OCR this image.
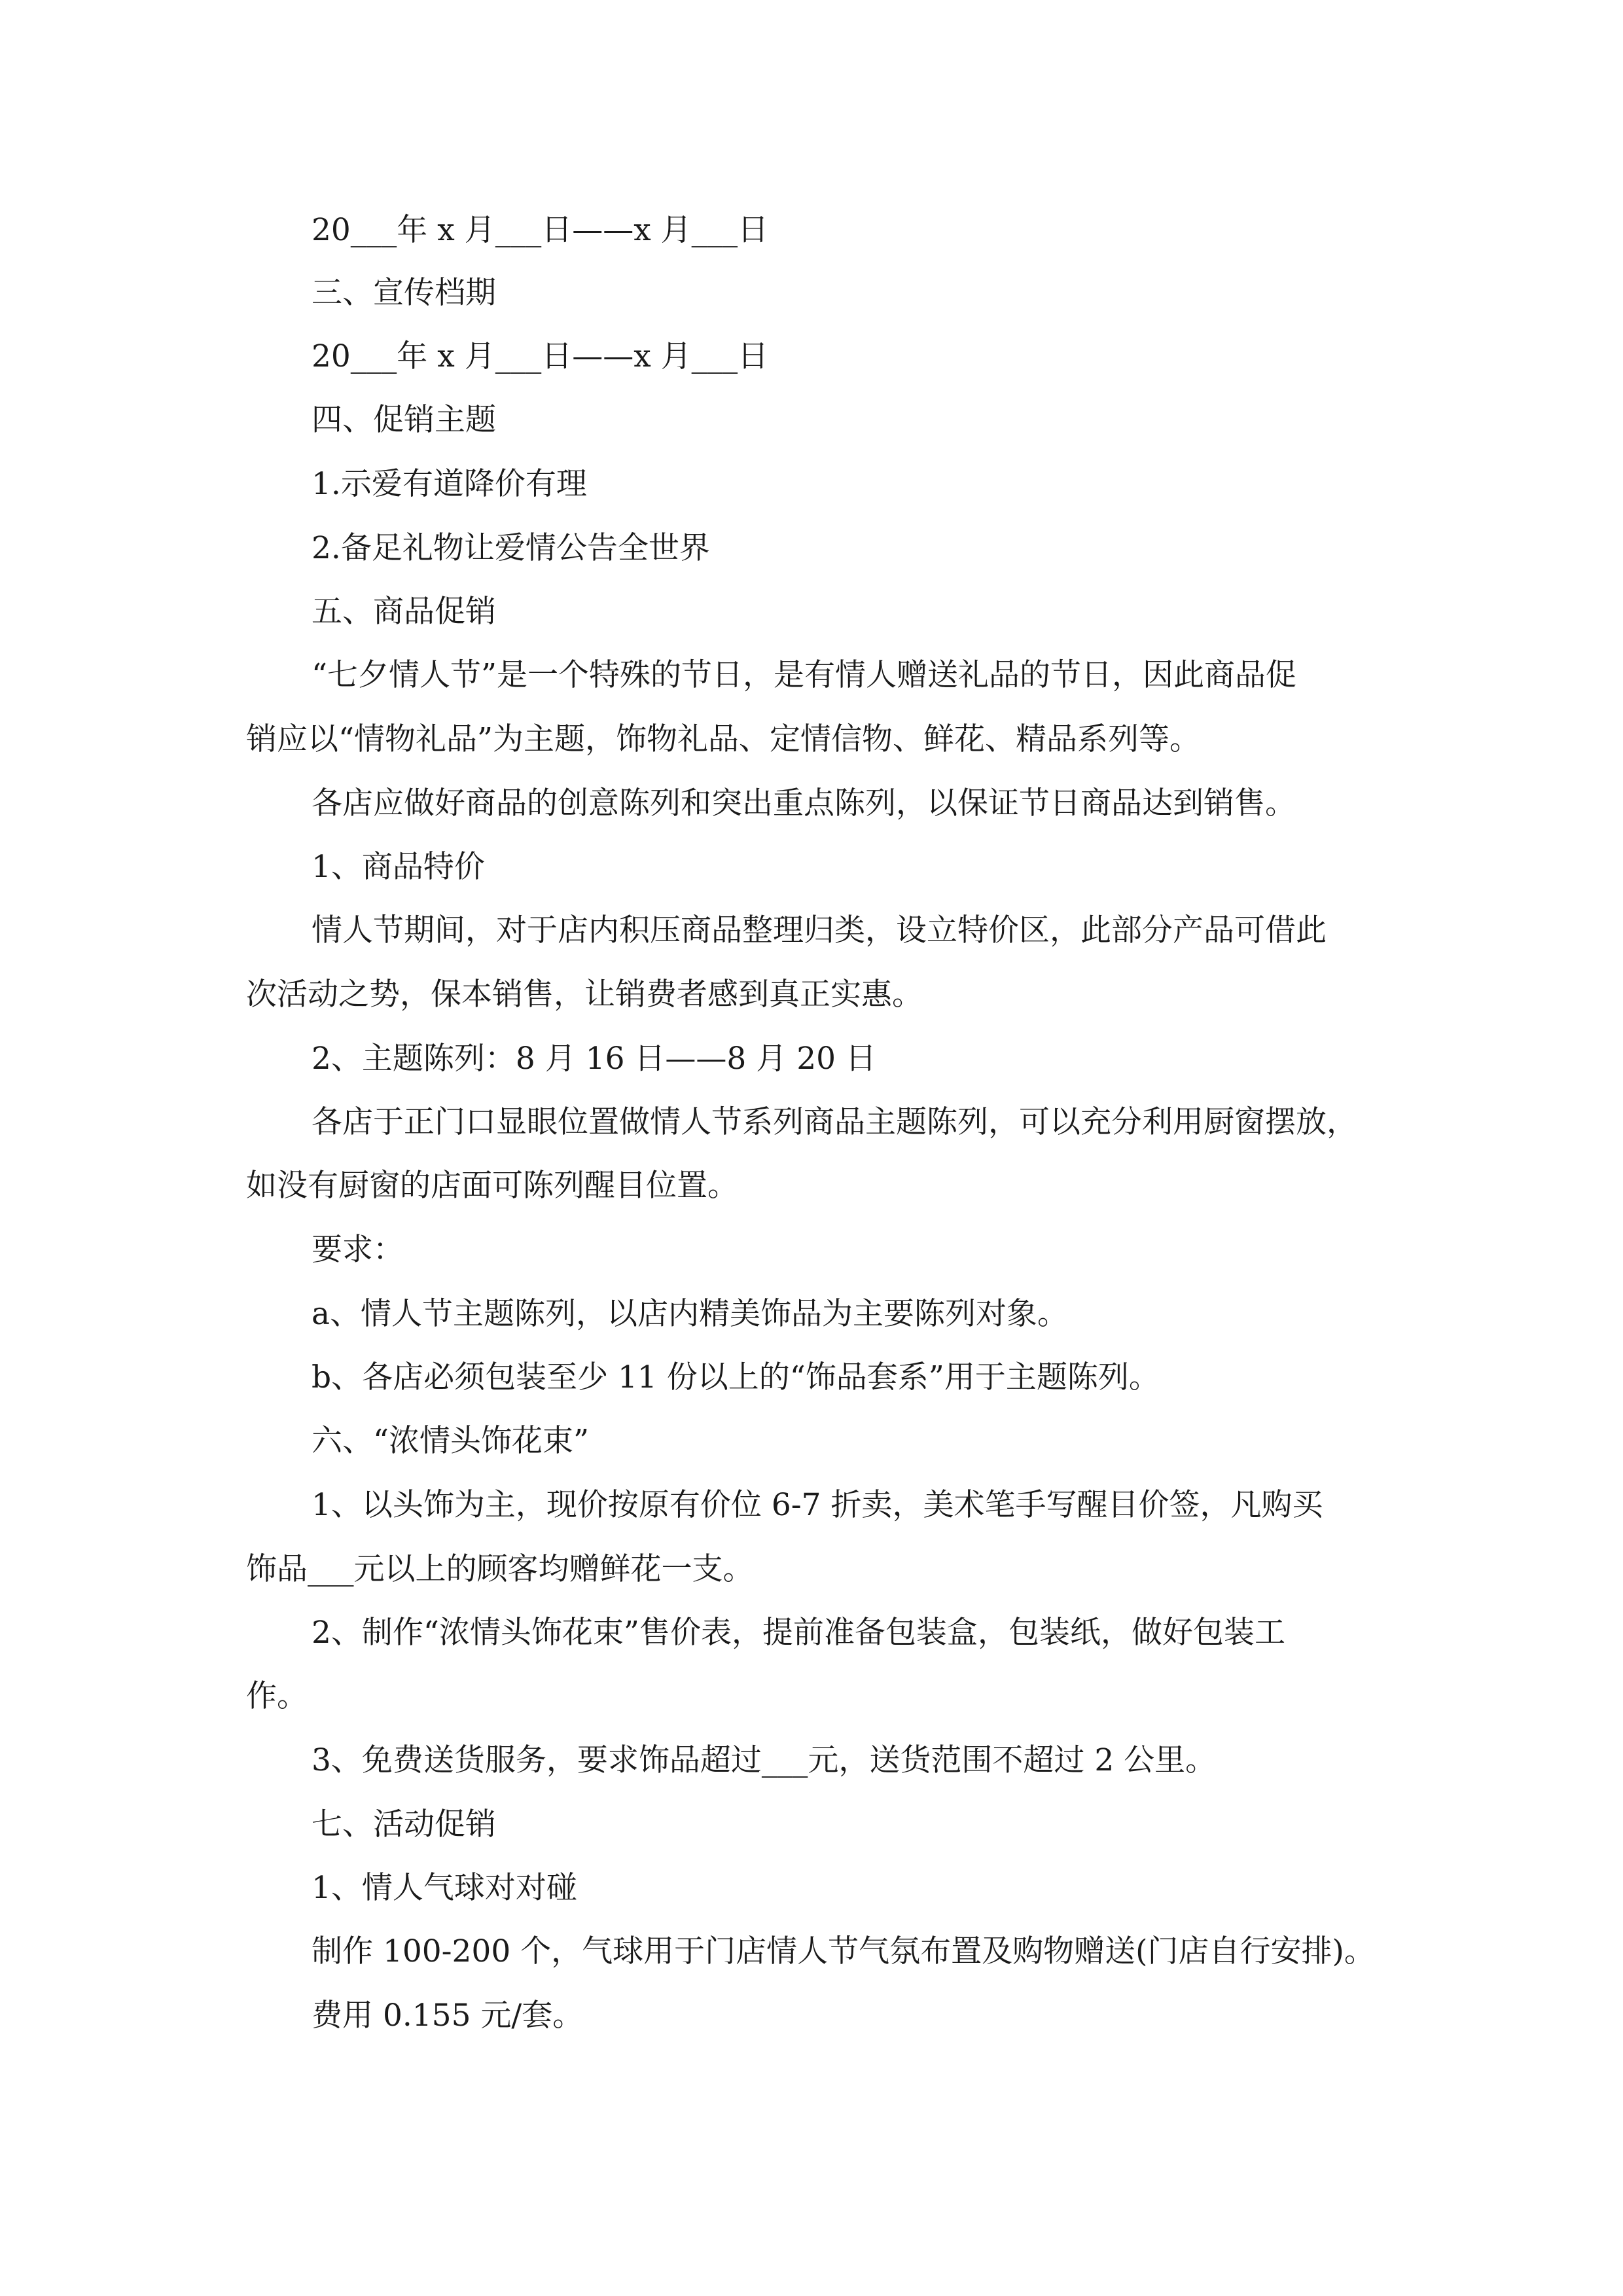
20___年 x 月___日——x 月___日
三、宣传档期
20___年 x 月___日——x 月___日
四、促销主题
1.示爱有道降价有理
2.备足礼物让爱情公告全世界
五、商品促销
“七夕情人节”是一个特殊的节日，是有情人赠送礼品的节日，因此商品促
销应以“情物礼品”为主题，饰物礼品、定情信物、鲜花、精品系列等。
各店应做好商品的创意陈列和突出重点陈列，以保证节日商品达到销售。
1、商品特价
情人节期间，对于店内积压商品整理归类，设立特价区，此部分产品可借此
次活动之势，保本销售，让销费者感到真正实惠。
2、主题陈列：8 月 16 日——8 月 20 日
各店于正门口显眼位置做情人节系列商品主题陈列，可以充分利用厨窗摆放，
如没有厨窗的店面可陈列醒目位置。
要求：
a、情人节主题陈列，以店内精美饰品为主要陈列对象。
b、各店必须包装至少 11 份以上的“饰品套系”用于主题陈列。
六、“浓情头饰花束”
1、以头饰为主，现价按原有价位 6-7 折卖，美术笔手写醒目价签，凡购买
饰品___元以上的顾客均赠鲜花一支。
2、制作“浓情头饰花束”售价表，提前准备包装盒，包装纸，做好包装工
作。
3、免费送货服务，要求饰品超过___元，送货范围不超过 2 公里。
七、活动促销
1、情人气球对对碰
制作 100-200 个，气球用于门店情人节气氛布置及购物赠送(门店自行安排)。
费用 0.155 元/套。
